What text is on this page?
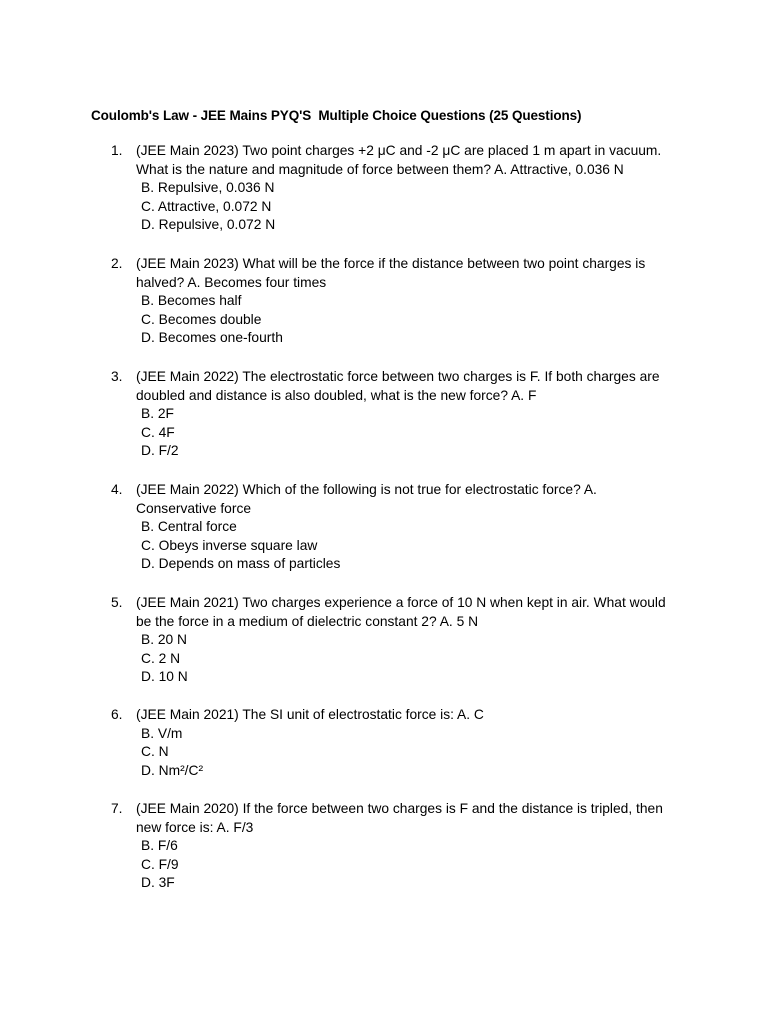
Coulomb's Law - JEE Mains PYQ'S  Multiple Choice Questions (25 Questions)
1. (JEE Main 2023) Two point charges +2 μC and -2 μC are placed 1 m apart in vacuum. What is the nature and magnitude of force between them? A. Attractive, 0.036 N
B. Repulsive, 0.036 N
C. Attractive, 0.072 N
D. Repulsive, 0.072 N
2. (JEE Main 2023) What will be the force if the distance between two point charges is halved? A. Becomes four times
B. Becomes half
C. Becomes double
D. Becomes one-fourth
3. (JEE Main 2022) The electrostatic force between two charges is F. If both charges are doubled and distance is also doubled, what is the new force? A. F
B. 2F
C. 4F
D. F/2
4. (JEE Main 2022) Which of the following is not true for electrostatic force? A. Conservative force
B. Central force
C. Obeys inverse square law
D. Depends on mass of particles
5. (JEE Main 2021) Two charges experience a force of 10 N when kept in air. What would be the force in a medium of dielectric constant 2? A. 5 N
B. 20 N
C. 2 N
D. 10 N
6. (JEE Main 2021) The SI unit of electrostatic force is: A. C
B. V/m
C. N
D. Nm²/C²
7. (JEE Main 2020) If the force between two charges is F and the distance is tripled, then new force is: A. F/3
B. F/6
C. F/9
D. 3F
